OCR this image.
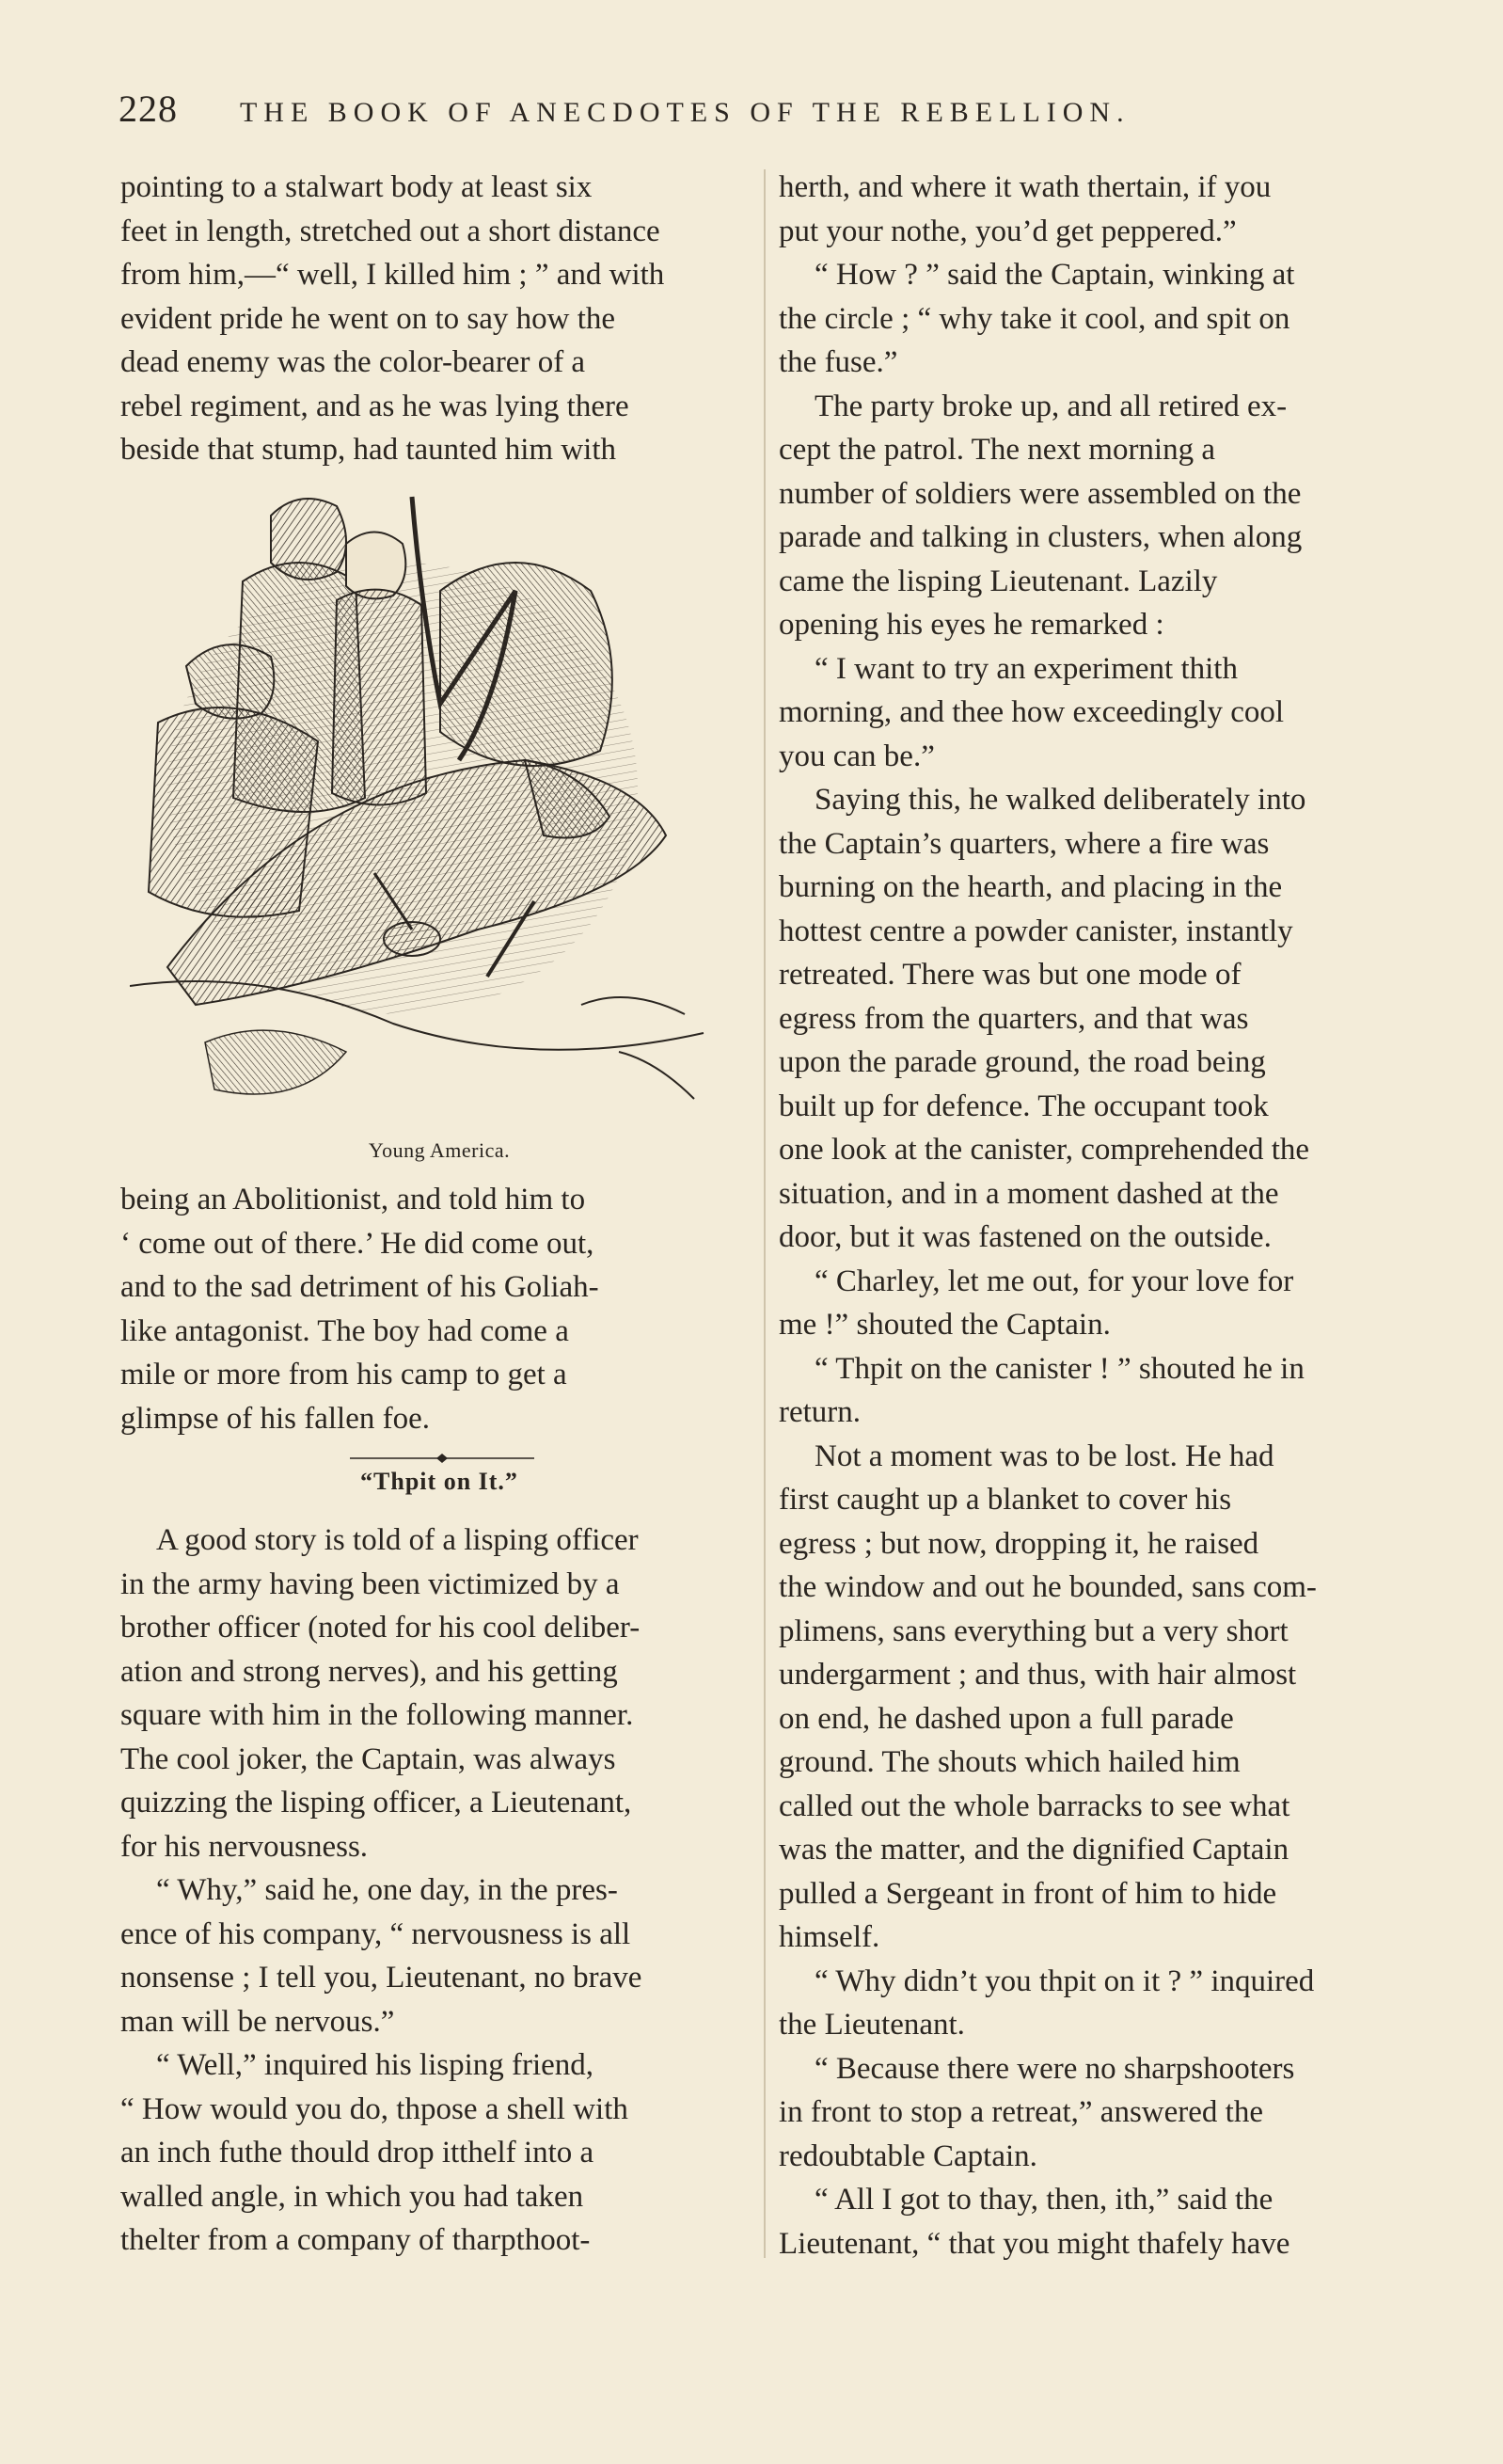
228 THE BOOK OF ANECDOTES OF THE REBELLION.

pointing to a stalwart body at least six

feet in length, stretched out a short distance

from him,—“ well, I killed him ; ” and with

evident pride he went on to say how the

dead enemy was the color-bearer of a

rebel regiment, and as he was lying there

beside that stump, had taunted him with

Young America.

being an Abolitionist, and told him to

‘ come out of there.’ He did come out,

and to the sad detriment of his Goliah-

like antagonist. The boy had come a

mile or more from his camp to get a

glimpse of his fallen foe.

“Thpit on It.”

A good story is told of a lisping officer

in the army having been victimized by a

brother officer (noted for his cool deliber-

ation and strong nerves), and his getting

square with him in the following manner.

The cool joker, the Captain, was always

quizzing the lisping officer, a Lieutenant,

for his nervousness.

“ Why,” said he, one day, in the pres-

ence of his company, “ nervousness is all

nonsense ; I tell you, Lieutenant, no brave

man will be nervous.”

“ Well,” inquired his lisping friend,

“ How would you do, thpose a shell with

an inch futhe thould drop itthelf into a

walled angle, in which you had taken

thelter from a company of tharpthoot-

herth, and where it wath thertain, if you

put your nothe, you’d get peppered.”

“ How ? ” said the Captain, winking at

the circle ; “ why take it cool, and spit on

the fuse.”

The party broke up, and all retired ex-

cept the patrol. The next morning a

number of soldiers were assembled on the

parade and talking in clusters, when along

came the lisping Lieutenant. Lazily

opening his eyes he remarked :

“ I want to try an experiment thith

morning, and thee how exceedingly cool

you can be.”

Saying this, he walked deliberately into

the Captain’s quarters, where a fire was

burning on the hearth, and placing in the

hottest centre a powder canister, instantly

retreated. There was but one mode of

egress from the quarters, and that was

upon the parade ground, the road being

built up for defence. The occupant took

one look at the canister, comprehended the

situation, and in a moment dashed at the

door, but it was fastened on the outside.

“ Charley, let me out, for your love for

me !” shouted the Captain.

“ Thpit on the canister ! ” shouted he in

return.

Not a moment was to be lost. He had

first caught up a blanket to cover his

egress ; but now, dropping it, he raised

the window and out he bounded, sans com-

plimens, sans everything but a very short

undergarment ; and thus, with hair almost

on end, he dashed upon a full parade

ground. The shouts which hailed him

called out the whole barracks to see what

was the matter, and the dignified Captain

pulled a Sergeant in front of him to hide

himself.

“ Why didn’t you thpit on it ? ” inquired

the Lieutenant.

“ Because there were no sharpshooters

in front to stop a retreat,” answered the

redoubtable Captain.

“ All I got to thay, then, ith,” said the

Lieutenant, “ that you might thafely have
